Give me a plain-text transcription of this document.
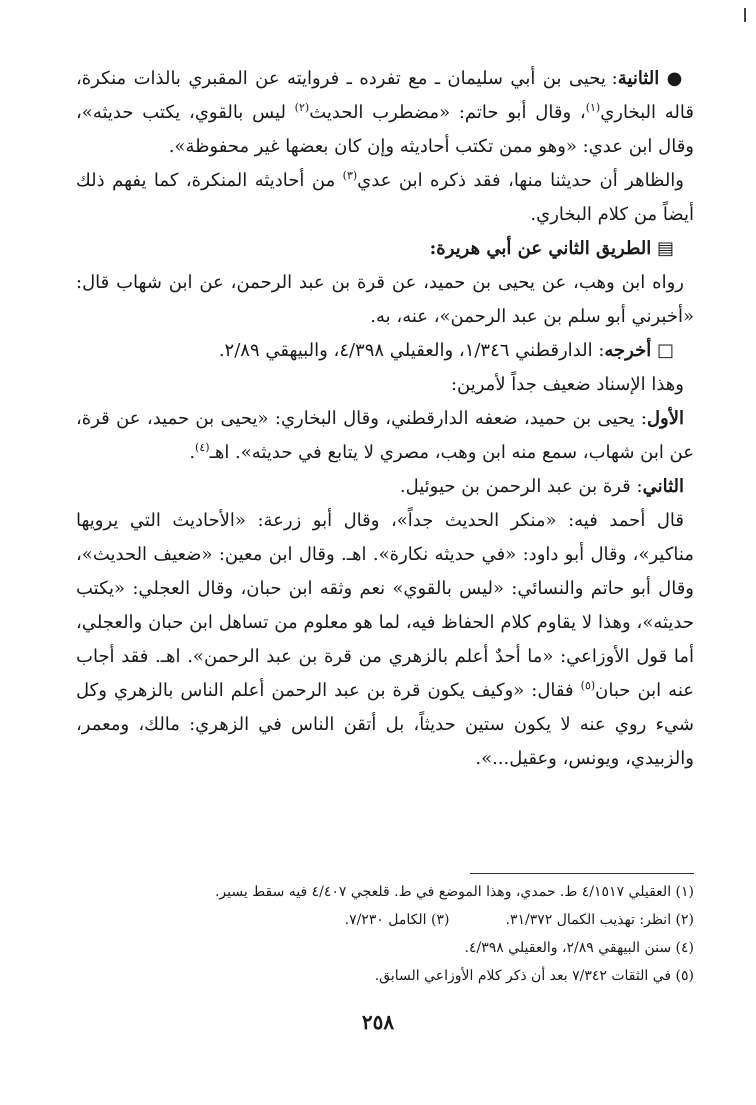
● الثانية: يحيى بن أبي سليمان ـ مع تفرده ـ فروايته عن المقبري بالذات منكرة، قاله البخاري$^{(١)}$، وقال أبو حاتم: «مضطرب الحديث$^{(٢)}$ ليس بالقوي، يكتب حديثه»، وقال ابن عدي: «وهو ممن تكتب أحاديثه وإن كان بعضها غير محفوظة».

والظاهر أن حديثنا منها، فقد ذكره ابن عدي$^{(٣)}$ من أحاديثه المنكرة، كما يفهم ذلك أيضاً من كلام البخاري.

▤ الطريق الثاني عن أبي هريرة:

رواه ابن وهب، عن يحيى بن حميد، عن قرة بن عبد الرحمن، عن ابن شهاب قال: «أخبرني أبو سلم بن عبد الرحمن»، عنه، به.

□ أخرجه: الدارقطني ١/٣٤٦، والعقيلي ٤/٣٩٨، والبيهقي ٢/٨٩.

وهذا الإسناد ضعيف جداً لأمرين:

الأول: يحيى بن حميد، ضعفه الدارقطني، وقال البخاري: «يحيى بن حميد، عن قرة، عن ابن شهاب، سمع منه ابن وهب، مصري لا يتابع في حديثه». اهـ$^{(٤)}$.

الثاني: قرة بن عبد الرحمن بن حيوئيل.

قال أحمد فيه: «منكر الحديث جداً»، وقال أبو زرعة: «الأحاديث التي يرويها مناكير»، وقال أبو داود: «في حديثه نكارة». اهـ. وقال ابن معين: «ضعيف الحديث»، وقال أبو حاتم والنسائي: «ليس بالقوي» نعم وثقه ابن حبان، وقال العجلي: «يكتب حديثه»، وهذا لا يقاوم كلام الحفاظ فيه، لما هو معلوم من تساهل ابن حبان والعجلي، أما قول الأوزاعي: «ما أحدٌ أعلم بالزهري من قرة بن عبد الرحمن». اهـ. فقد أجاب عنه ابن حبان$^{(٥)}$ فقال: «وكيف يكون قرة بن عبد الرحمن أعلم الناس بالزهري وكل شيء روي عنه لا يكون ستين حديثاً، بل أتقن الناس في الزهري: مالك، ومعمر، والزبيدي، ويونس، وعقيل...».

(١) العقيلي ٤/١٥١٧ ط. حمدي، وهذا الموضع في ط. قلعجي ٤/٤٠٧ فيه سقط يسير.

(٢) انظر: تهذيب الكمال ٣١/٣٧٢.(٣) الكامل ٧/٢٣٠.

(٤) سنن البيهقي ٢/٨٩، والعقيلي ٤/٣٩٨.

(٥) في الثقات ٧/٣٤٢ بعد أن ذكر كلام الأوزاعي السابق.

٢٥٨
